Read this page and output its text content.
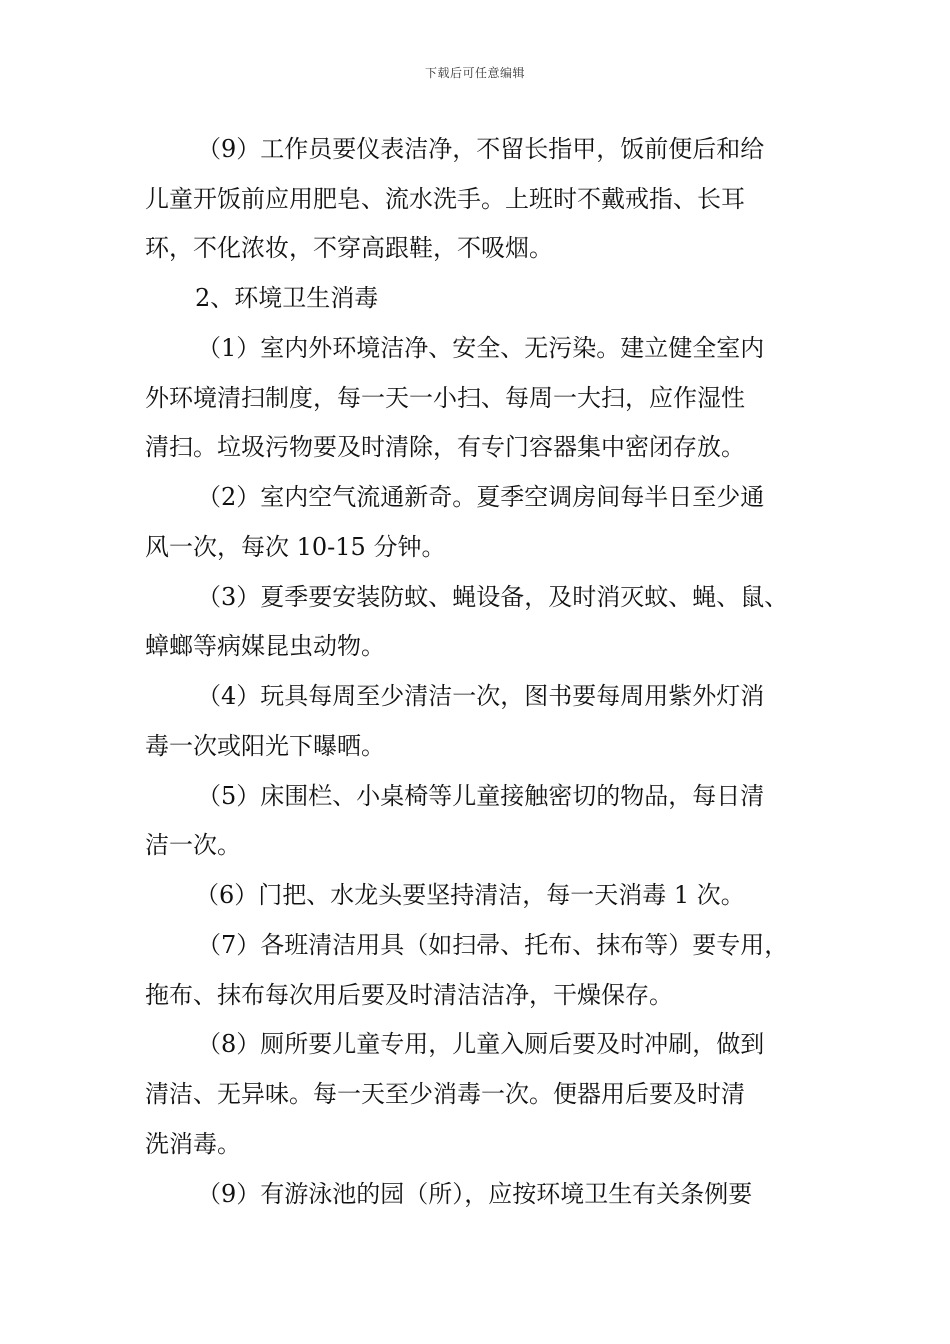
下载后可任意编辑
（9）工作员要仪表洁净，不留长指甲，饭前便后和给
儿童开饭前应用肥皂、流水洗手。上班时不戴戒指、长耳
环，不化浓妆，不穿高跟鞋，不吸烟。
2、环境卫生消毒
（1）室内外环境洁净、安全、无污染。建立健全室内
外环境清扫制度，每一天一小扫、每周一大扫，应作湿性
清扫。垃圾污物要及时清除，有专门容器集中密闭存放。
（2）室内空气流通新奇。夏季空调房间每半日至少通
风一次，每次 10-15 分钟。
（3）夏季要安装防蚊、蝇设备，及时消灭蚊、蝇、鼠、
蟑螂等病媒昆虫动物。
（4）玩具每周至少清洁一次，图书要每周用紫外灯消
毒一次或阳光下曝晒。
（5）床围栏、小桌椅等儿童接触密切的物品，每日清
洁一次。
（6）门把、水龙头要坚持清洁，每一天消毒 1 次。
（7）各班清洁用具（如扫帚、托布、抹布等）要专用，
拖布、抹布每次用后要及时清洁洁净，干燥保存。
（8）厕所要儿童专用，儿童入厕后要及时冲刷，做到
清洁、无异味。每一天至少消毒一次。便器用后要及时清
洗消毒。
（9）有游泳池的园（所），应按环境卫生有关条例要
